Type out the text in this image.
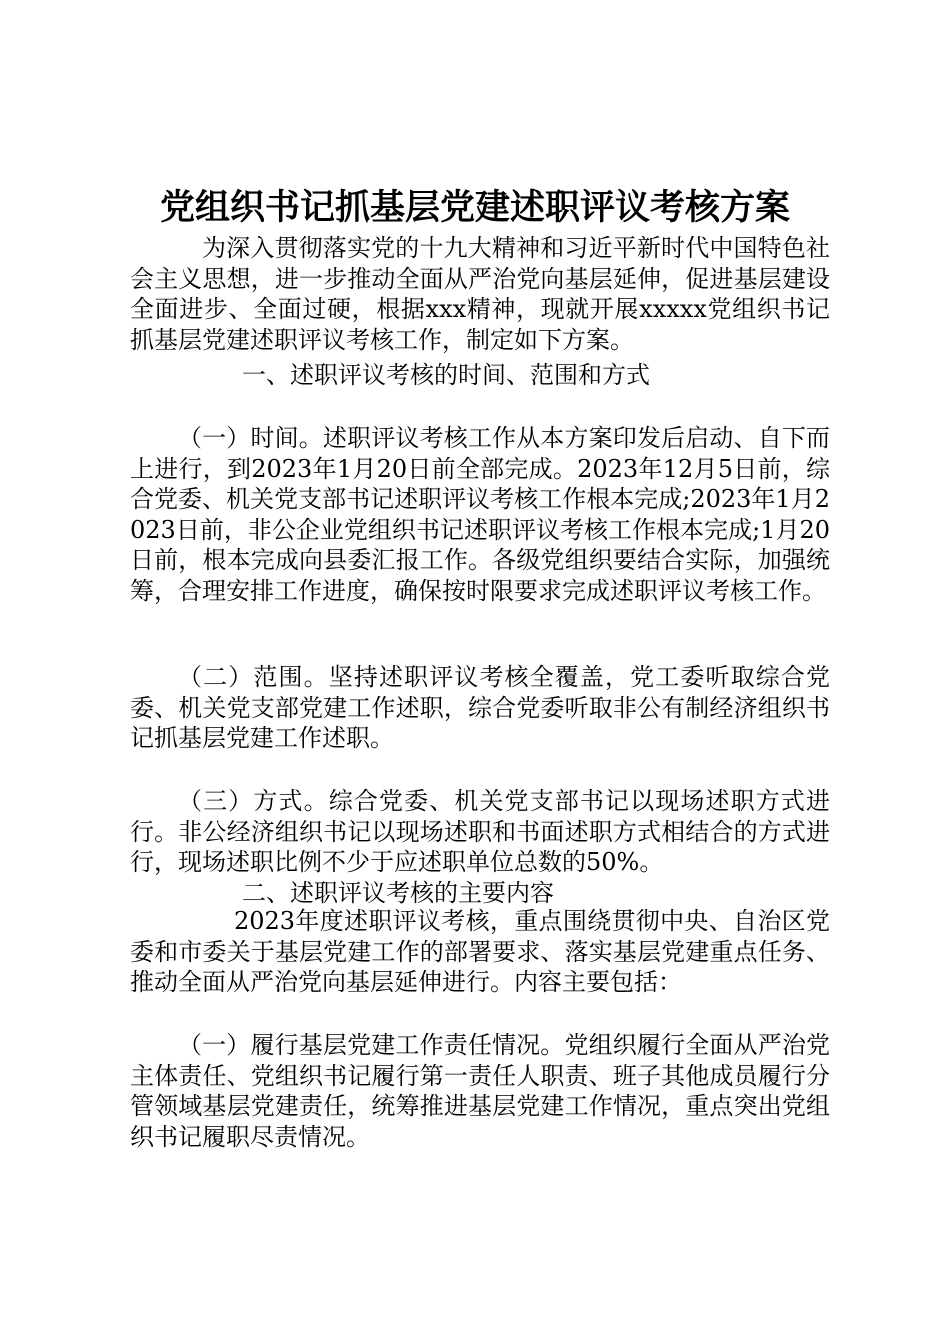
党组织书记抓基层党建述职评议考核方案

为深入贯彻落实党的十九大精神和习近平新时代中国特色社会主义思想，进一步推动全面从严治党向基层延伸，促进基层建设全面进步、全面过硬，根据xxx精神，现就开展xxxxx党组织书记抓基层党建述职评议考核工作，制定如下方案。

一、述职评议考核的时间、范围和方式

（一）时间。述职评议考核工作从本方案印发后启动、自下而上进行，到2023年1月20日前全部完成。2023年12月5日前，综合党委、机关党支部书记述职评议考核工作根本完成;2023年1月2023日前，非公企业党组织书记述职评议考核工作根本完成;1月20日前，根本完成向县委汇报工作。各级党组织要结合实际，加强统筹，合理安排工作进度，确保按时限要求完成述职评议考核工作。

（二）范围。坚持述职评议考核全覆盖，党工委听取综合党委、机关党支部党建工作述职，综合党委听取非公有制经济组织书记抓基层党建工作述职。

（三）方式。综合党委、机关党支部书记以现场述职方式进行。非公经济组织书记以现场述职和书面述职方式相结合的方式进行，现场述职比例不少于应述职单位总数的50%。

二、述职评议考核的主要内容

2023年度述职评议考核，重点围绕贯彻中央、自治区党委和市委关于基层党建工作的部署要求、落实基层党建重点任务、推动全面从严治党向基层延伸进行。内容主要包括：

（一）履行基层党建工作责任情况。党组织履行全面从严治党主体责任、党组织书记履行第一责任人职责、班子其他成员履行分管领域基层党建责任，统筹推进基层党建工作情况，重点突出党组织书记履职尽责情况。
